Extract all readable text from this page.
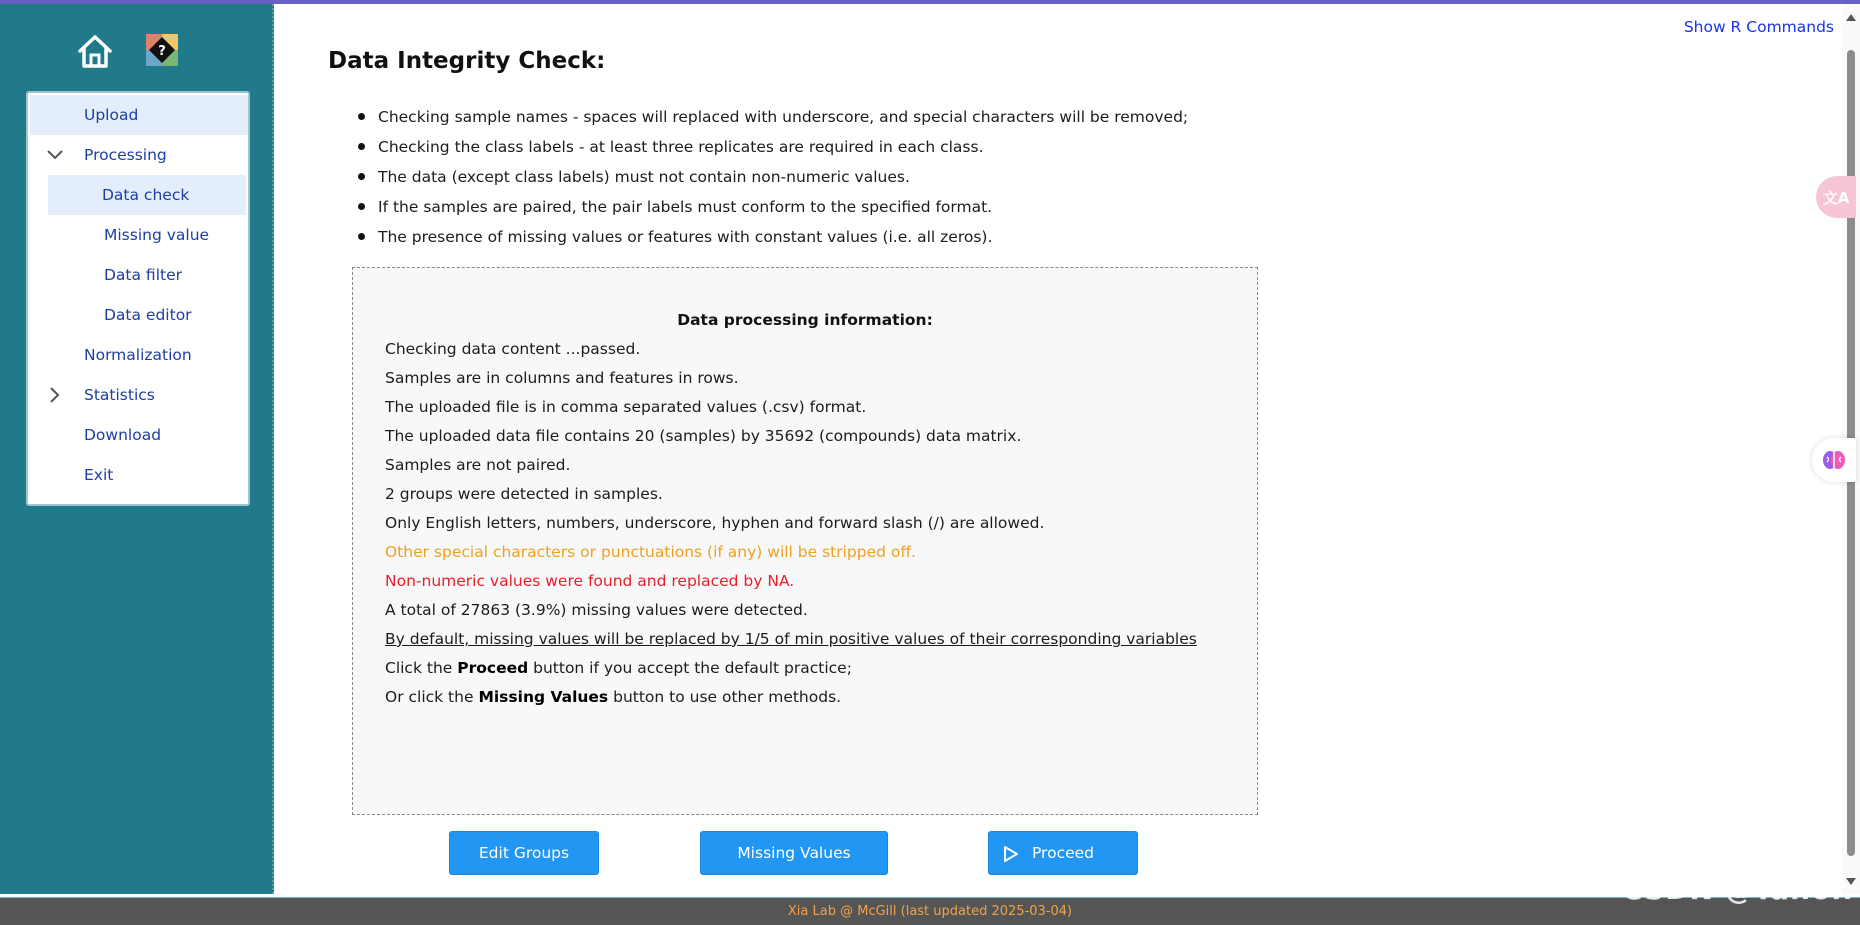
?
Upload
Processing
Data check
Missing value
Data filter
Data editor
Normalization
Statistics
Download
Exit
Show R Commands
Data Integrity Check:
Checking sample names - spaces will replaced with underscore, and special characters will be removed;
Checking the class labels - at least three replicates are required in each class.
The data (except class labels) must not contain non-numeric values.
If the samples are paired, the pair labels must conform to the specified format.
The presence of missing values or features with constant values (i.e. all zeros).
Data processing information:
Checking data content ...passed.
Samples are in columns and features in rows.
The uploaded file is in comma separated values (.csv) format.
The uploaded data file contains 20 (samples) by 35692 (compounds) data matrix.
Samples are not paired.
2 groups were detected in samples.
Only English letters, numbers, underscore, hyphen and forward slash (/) are allowed.
Other special characters or punctuations (if any) will be stripped off.
Non-numeric values were found and replaced by NA.
A total of 27863 (3.9%) missing values were detected.
By default, missing values will be replaced by 1/5 of min positive values of their corresponding variables
Click the Proceed button if you accept the default practice;
Or click the Missing Values button to use other methods.
Edit Groups	Missing Values	Proceed
文A
Xia Lab @ McGill (last updated 2025-03-04)
CSDN @Tailor.
